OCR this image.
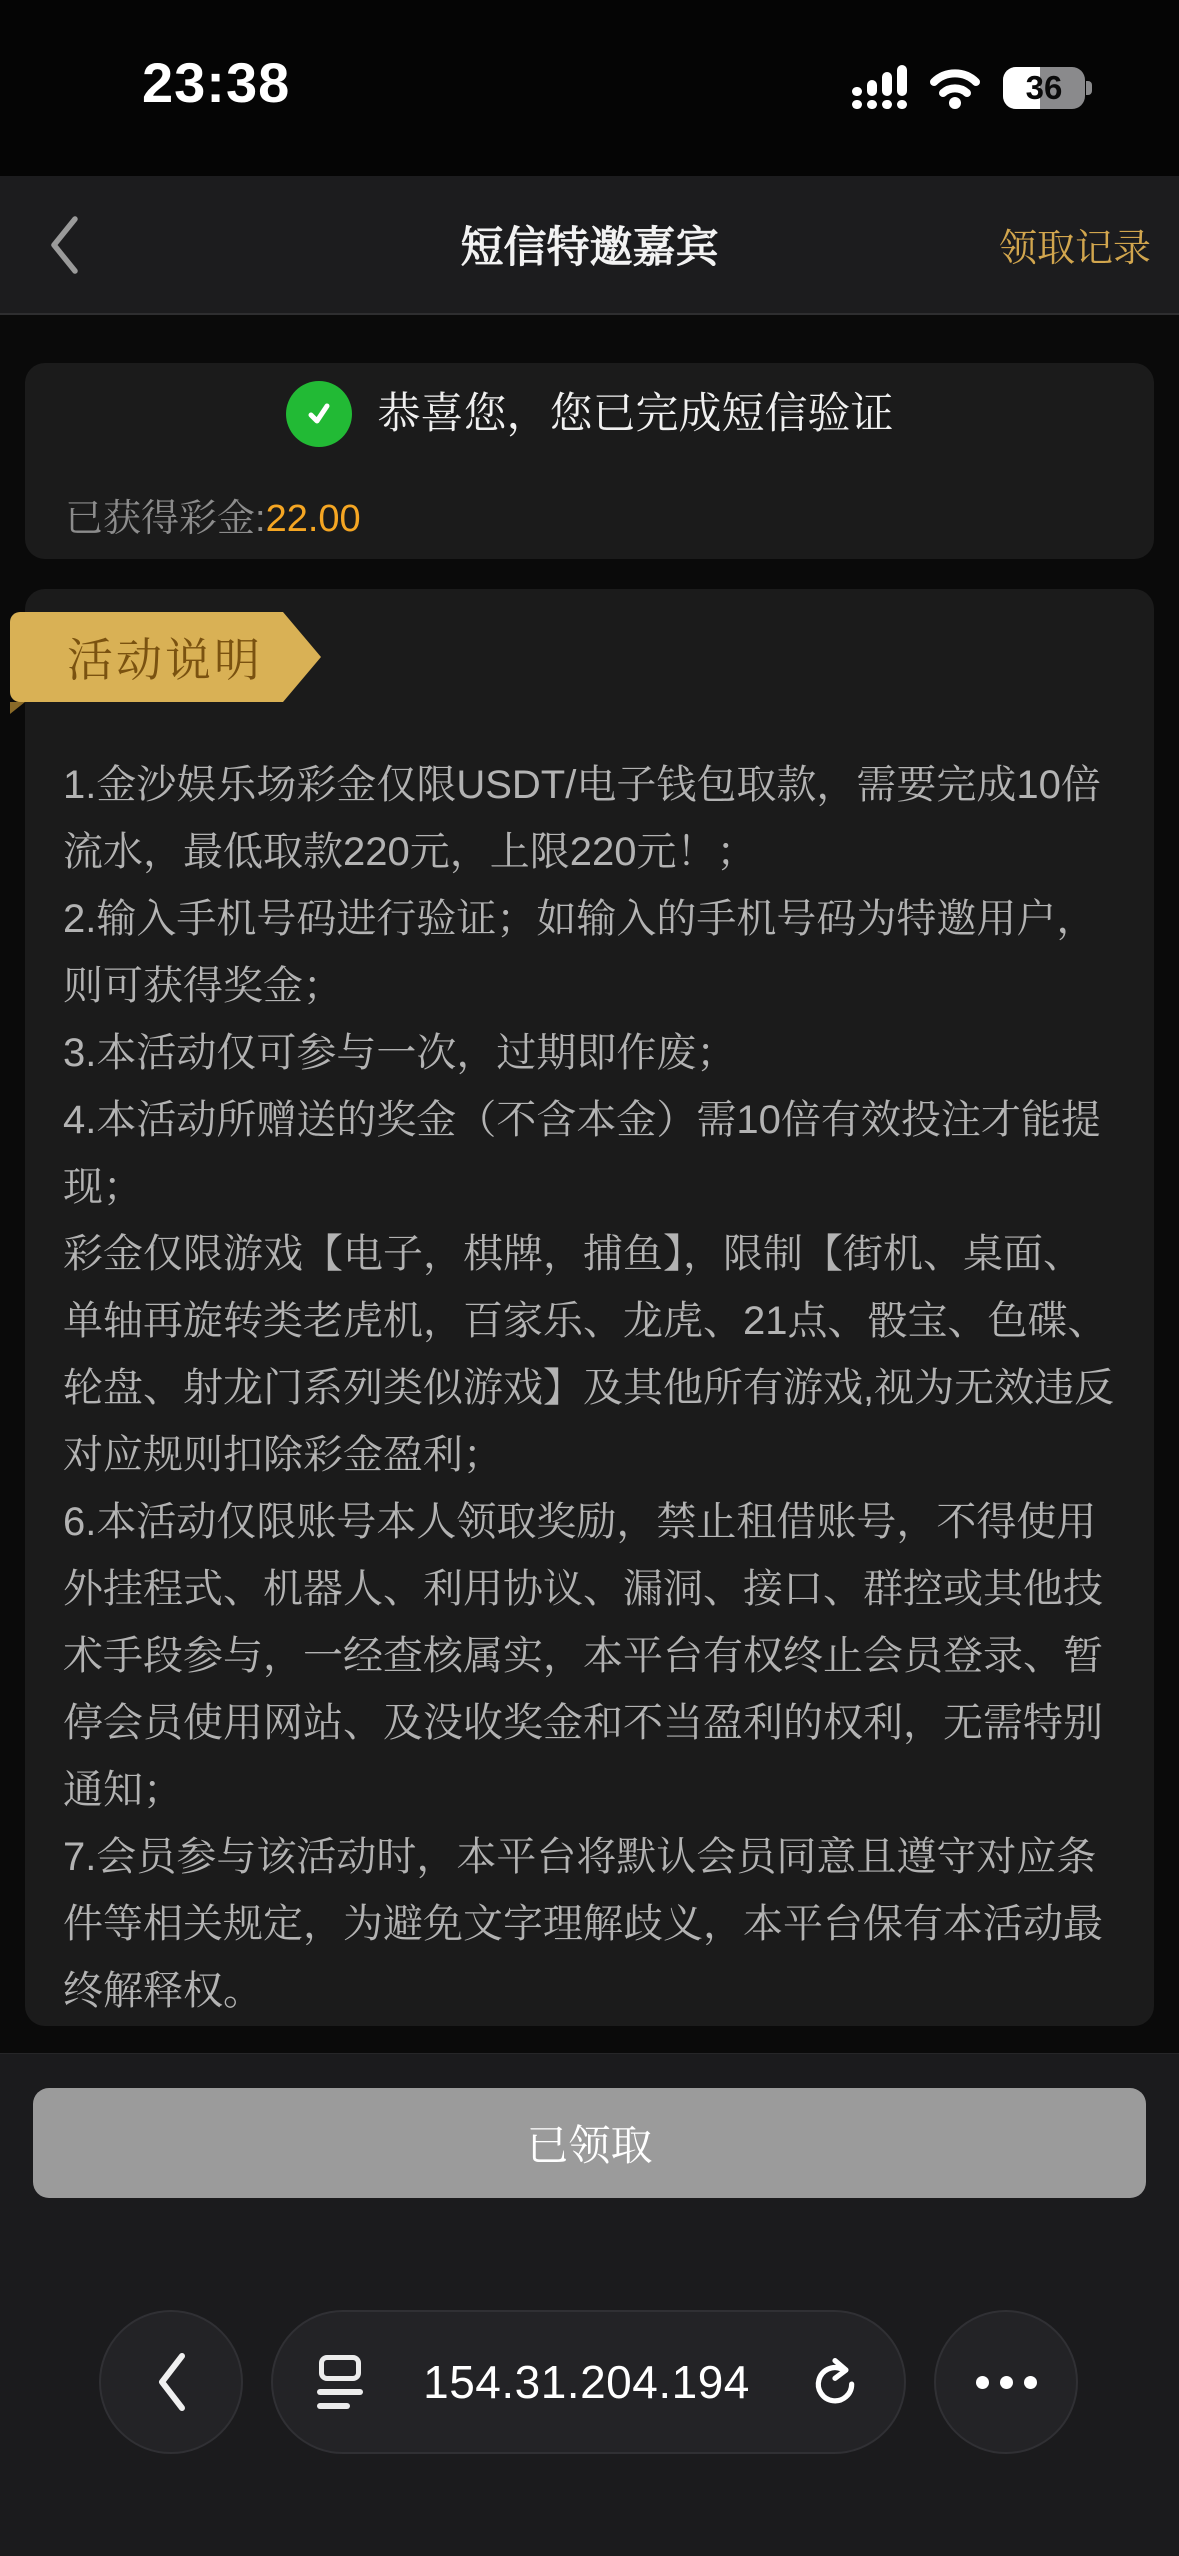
23:38	36
短信特邀嘉宾	领取记录
恭喜您，您已完成短信验证
已获得彩金:22.00
活动说明

1.金沙娱乐场彩金仅限USDT/电子钱包取款，需要完成10倍流水，最低取款220元，上限220元！；

2.输入手机号码进行验证；如输入的手机号码为特邀用户，则可获得奖金；

3.本活动仅可参与一次，过期即作废；

4.本活动所赠送的奖金（不含本金）需10倍有效投注才能提现；

彩金仅限游戏【电子，棋牌，捕鱼】，限制【街机、桌面、单轴再旋转类老虎机，百家乐、龙虎、21点、骰宝、色碟、轮盘、射龙门系列类似游戏】及其他所有游戏,视为无效违反对应规则扣除彩金盈利；

6.本活动仅限账号本人领取奖励，禁止租借账号，不得使用外挂程式、机器人、利用协议、漏洞、接口、群控或其他技术手段参与，一经查核属实，本平台有权终止会员登录、暂停会员使用网站、及没收奖金和不当盈利的权利，无需特别通知；

7.会员参与该活动时，本平台将默认会员同意且遵守对应条件等相关规定，为避免文字理解歧义，本平台保有本活动最终解释权。

已领取
154.31.204.194
